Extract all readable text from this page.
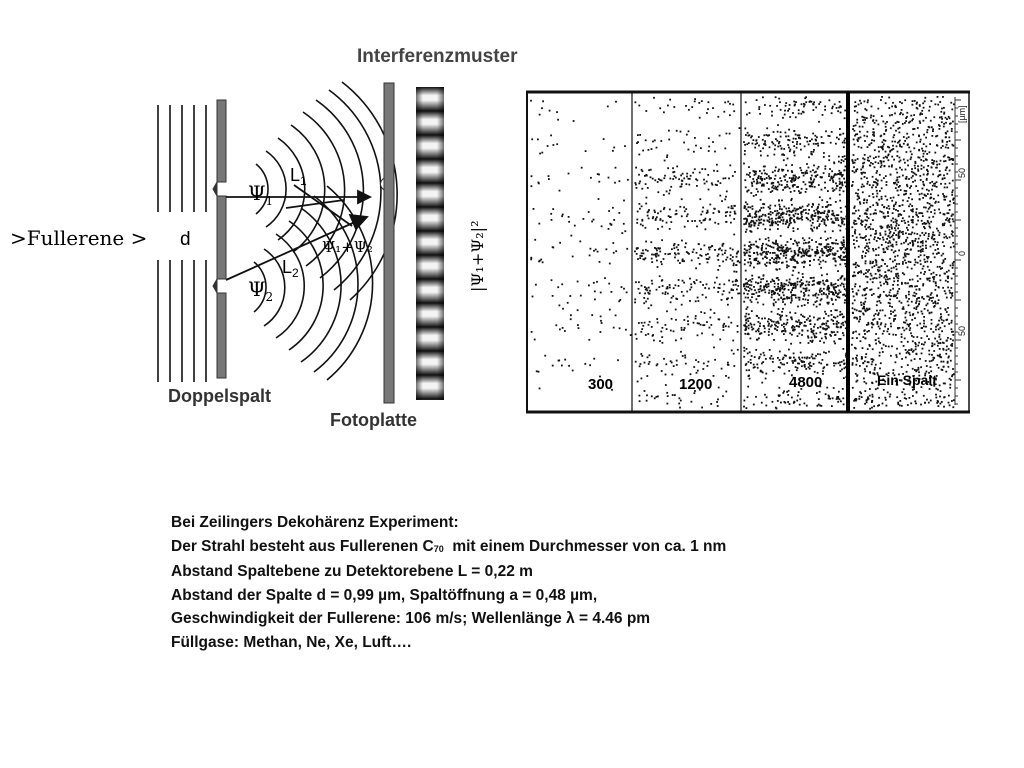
Interferenzmuster
Doppelspalt
Fotoplatte
>Fullerene > d
$L_1$
$L_2$
$\Psi_1$
$\Psi_2$
Ψ₁+Ψ₂	|Ψ₁+Ψ₂|²
[µm]
50
0
50
300	1200	4800	Ein Spalt
Bei Zeilingers Dekohärenz Experiment:
Der Strahl besteht aus Fullerenen $C_{70}$  mit einem Durchmesser von ca. 1 nm
Abstand Spaltebene zu Detektorebene L = 0,22 m
Abstand der Spalte d = 0,99 µm, Spaltöffnung a = 0,48 µm,
Geschwindigkeit der Fullerene: 106 m/s; Wellenlänge λ = 4.46 pm
Füllgase: Methan, Ne, Xe, Luft….
